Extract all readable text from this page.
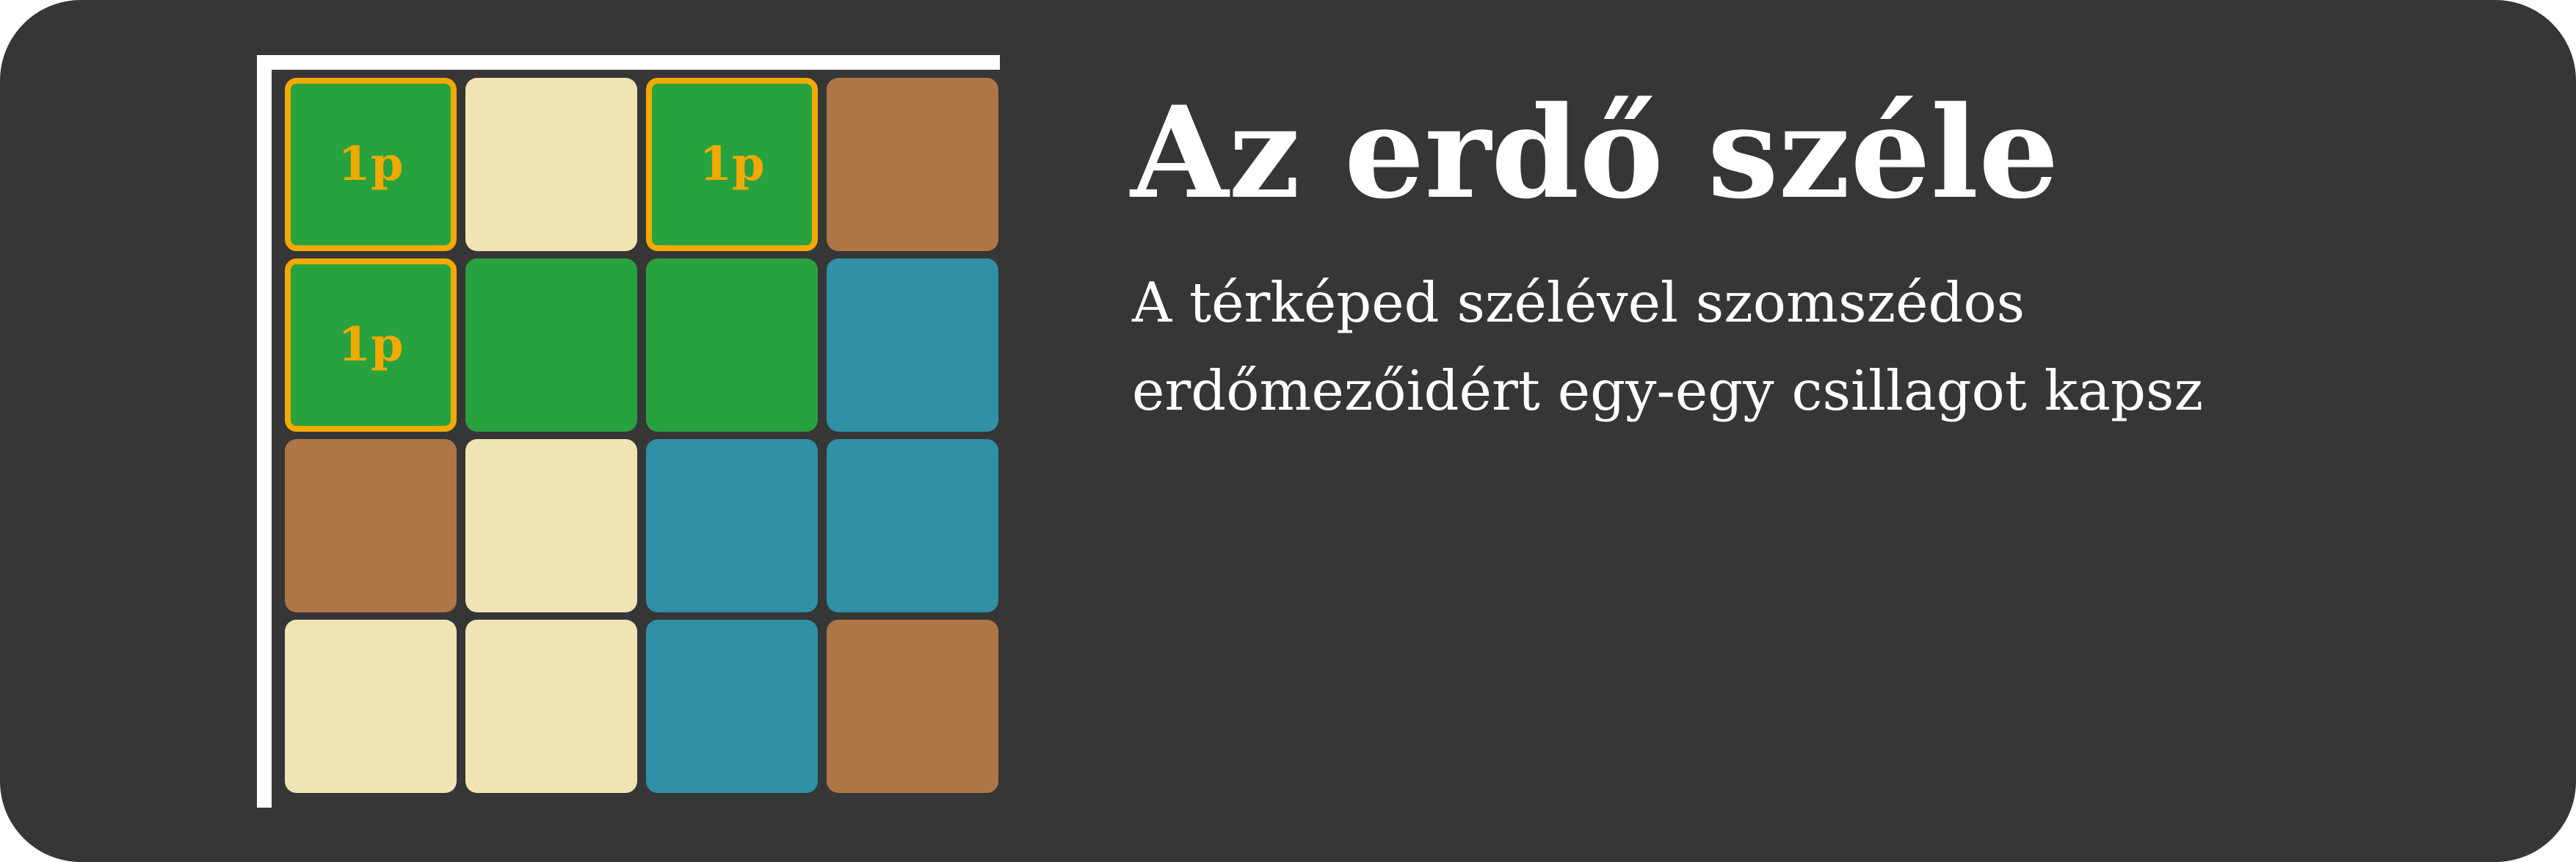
1p	1p
1p
Az erdő széle

A térképed szélével szomszédos
erdőmezőidért egy-egy csillagot kapsz
